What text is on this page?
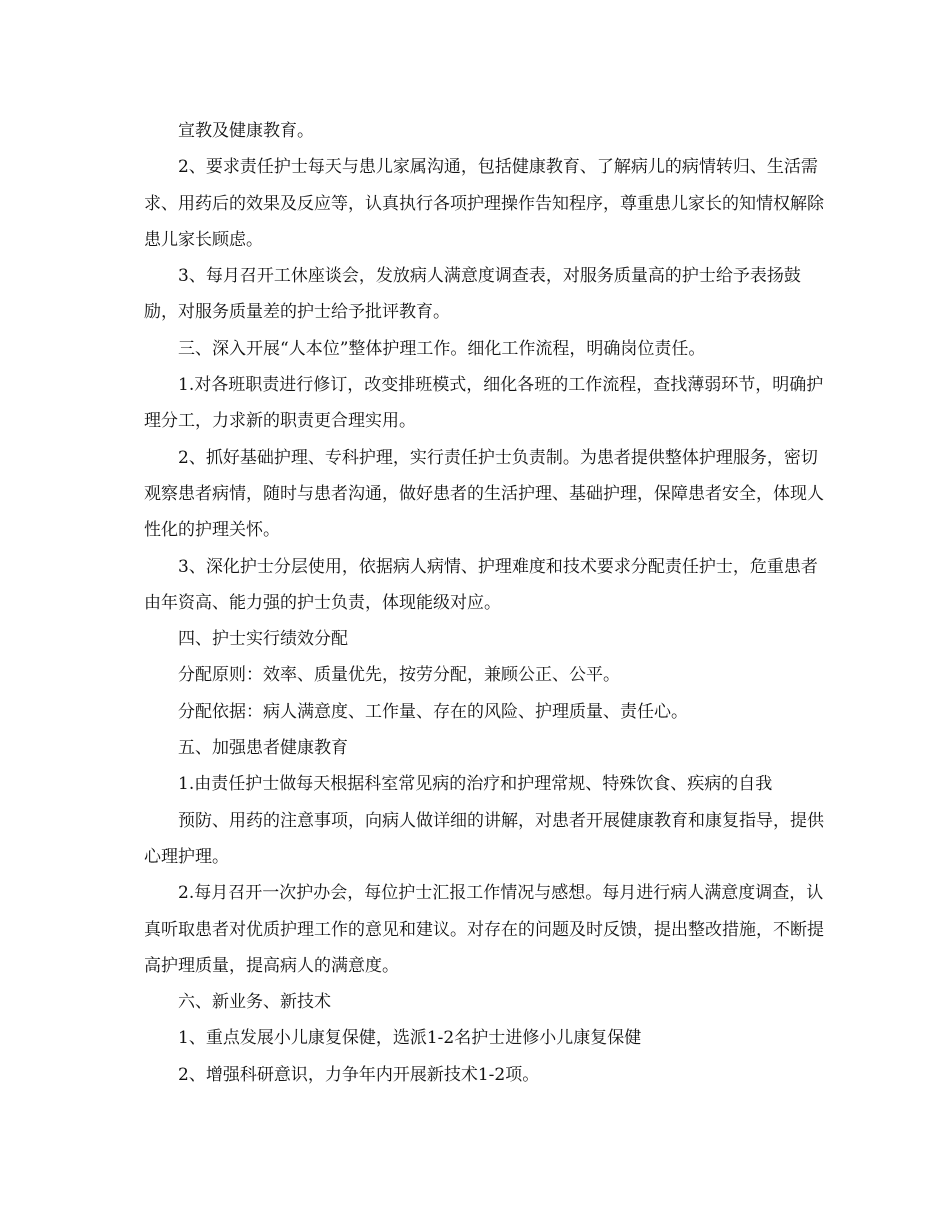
宣教及健康教育。

2、要求责任护士每天与患儿家属沟通，包括健康教育、了解病儿的病情转归、生活需求、用药后的效果及反应等，认真执行各项护理操作告知程序，尊重患儿家长的知情权解除患儿家长顾虑。

3、每月召开工休座谈会，发放病人满意度调查表，对服务质量高的护士给予表扬鼓励，对服务质量差的护士给予批评教育。

三、深入开展“人本位”整体护理工作。细化工作流程，明确岗位责任。

1.对各班职责进行修订，改变排班模式，细化各班的工作流程，查找薄弱环节，明确护理分工，力求新的职责更合理实用。

2、抓好基础护理、专科护理，实行责任护士负责制。为患者提供整体护理服务，密切观察患者病情，随时与患者沟通，做好患者的生活护理、基础护理，保障患者安全，体现人性化的护理关怀。

3、深化护士分层使用，依据病人病情、护理难度和技术要求分配责任护士，危重患者由年资高、能力强的护士负责，体现能级对应。

四、护士实行绩效分配

分配原则：效率、质量优先，按劳分配，兼顾公正、公平。

分配依据：病人满意度、工作量、存在的风险、护理质量、责任心。

五、加强患者健康教育

1.由责任护士做每天根据科室常见病的治疗和护理常规、特殊饮食、疾病的自我

预防、用药的注意事项，向病人做详细的讲解，对患者开展健康教育和康复指导，提供心理护理。

2.每月召开一次护办会，每位护士汇报工作情况与感想。每月进行病人满意度调查，认真听取患者对优质护理工作的意见和建议。对存在的问题及时反馈，提出整改措施，不断提高护理质量，提高病人的满意度。

六、新业务、新技术

1、重点发展小儿康复保健，选派1-2名护士进修小儿康复保健

2、增强科研意识，力争年内开展新技术1-2项。
